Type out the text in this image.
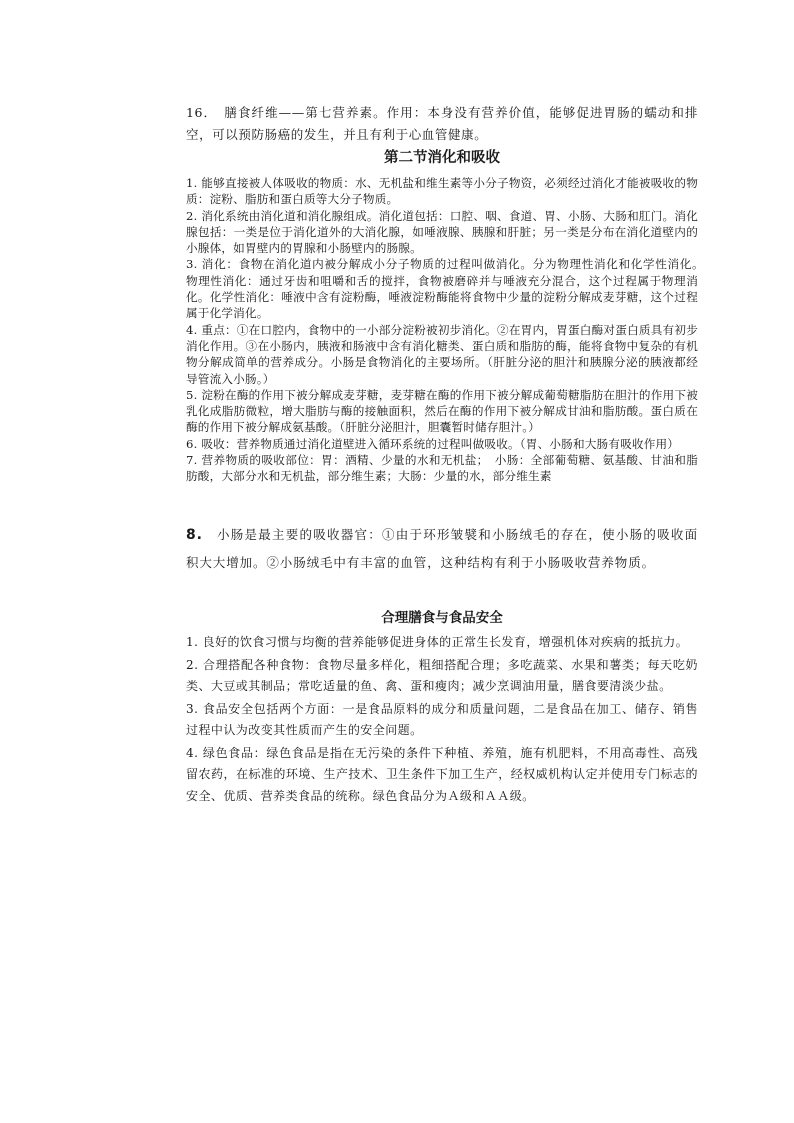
16．　膳食纤维——第七营养素。作用：本身没有营养价值，能够促进胃肠的蠕动和排空，可以预防肠癌的发生，并且有利于心血管健康。

第二节消化和吸收

1. 能够直接被人体吸收的物质：水、无机盐和维生素等小分子物资，必须经过消化才能被吸收的物质：淀粉、脂肪和蛋白质等大分子物质。

2. 消化系统由消化道和消化腺组成。消化道包括：口腔、咽、食道、胃、小肠、大肠和肛门。消化腺包括：一类是位于消化道外的大消化腺，如唾液腺、胰腺和肝脏；另一类是分布在消化道壁内的小腺体，如胃壁内的胃腺和小肠壁内的肠腺。

3. 消化：食物在消化道内被分解成小分子物质的过程叫做消化。分为物理性消化和化学性消化。　物理性消化：通过牙齿和咀嚼和舌的搅拌，食物被磨碎并与唾液充分混合，这个过程属于物理消化。化学性消化：唾液中含有淀粉酶，唾液淀粉酶能将食物中少量的淀粉分解成麦芽糖，这个过程属于化学消化。

4. 重点：①在口腔内，食物中的一小部分淀粉被初步消化。②在胃内，胃蛋白酶对蛋白质具有初步消化作用。③在小肠内，胰液和肠液中含有消化糖类、蛋白质和脂肪的酶，能将食物中复杂的有机物分解成简单的营养成分。小肠是食物消化的主要场所。（肝脏分泌的胆汁和胰腺分泌的胰液都经导管流入小肠。）

5. 淀粉在酶的作用下被分解成麦芽糖，麦芽糖在酶的作用下被分解成葡萄糖脂肪在胆汁的作用下被乳化成脂肪微粒，增大脂肪与酶的接触面积，然后在酶的作用下被分解成甘油和脂肪酸。蛋白质在酶的作用下被分解成氨基酸。（肝脏分泌胆汁，胆囊暂时储存胆汁。）

6. 吸收：营养物质通过消化道壁进入循环系统的过程叫做吸收。（胃、小肠和大肠有吸收作用）

7. 营养物质的吸收部位：胃：酒精、少量的水和无机盐；　小肠：全部葡萄糖、氨基酸、甘油和脂肪酸，大部分水和无机盐，部分维生素；大肠：少量的水，部分维生素

8.　小肠是最主要的吸收器官：①由于环形皱襞和小肠绒毛的存在，使小肠的吸收面积大大增加。②小肠绒毛中有丰富的血管，这种结构有利于小肠吸收营养物质。

合理膳食与食品安全

1. 良好的饮食习惯与均衡的营养能够促进身体的正常生长发育，增强机体对疾病的抵抗力。

2. 合理搭配各种食物：食物尽量多样化，粗细搭配合理；多吃蔬菜、水果和薯类；每天吃奶类、大豆或其制品；常吃适量的鱼、禽、蛋和瘦肉；减少烹调油用量，膳食要清淡少盐。

3. 食品安全包括两个方面：一是食品原料的成分和质量问题，二是食品在加工、储存、销售过程中认为改变其性质而产生的安全问题。

4. 绿色食品：绿色食品是指在无污染的条件下种植、养殖，施有机肥料，不用高毒性、高残留农药，在标准的环境、生产技术、卫生条件下加工生产，经权威机构认定并使用专门标志的安全、优质、营养类食品的统称。绿色食品分为Ａ级和ＡＡ级。
